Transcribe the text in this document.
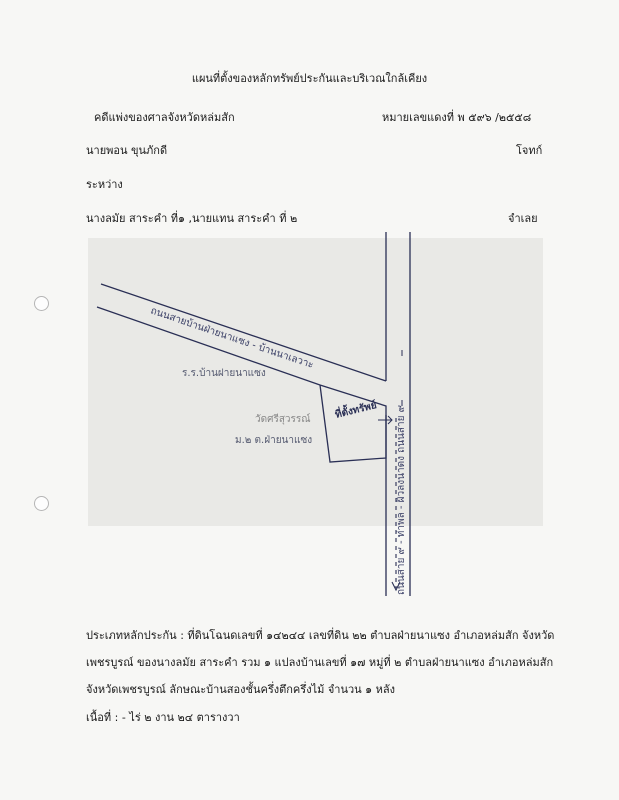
แผนที่ตั้งของหลักทรัพย์ประกันและบริเวณใกล้เคียง
คดีแพ่งของศาลจังหวัดหล่มสัก	หมายเลขแดงที่ พ ๕๙๖ /๒๕๕๘
นายพอน ขุนภักดี	โจทก์
ระหว่าง
นางลมัย สาระคำ ที่๑ ,นายแทน สาระคำ ที่ ๒	จำเลย
ถนนสายบ้านฝ่ายนาแซง - บ้านนาเลวาะ
ถนนสาย ๙ - ท่าพล - ผิวลงนาดง ถนนสาย ๙
ร.ร.บ้านฝายนาแซง
วัดศรีสุวรรณ์
ม.๒ ต.ฝ่ายนาแซง
ที่ตั้งทรัพย์
ประเภทหลักประกัน : ที่ดินโฉนดเลขที่ ๑๔๒๔๔ เลขที่ดิน ๒๒ ตำบลฝ่ายนาแซง อำเภอหล่มสัก จังหวัด
เพชรบูรณ์ ของนางลมัย สาระคำ รวม ๑ แปลงบ้านเลขที่ ๑๗ หมู่ที่ ๒ ตำบลฝ่ายนาแซง อำเภอหล่มสัก
จังหวัดเพชรบูรณ์ ลักษณะบ้านสองชั้นครึ่งตึกครึ่งไม้ จำนวน ๑ หลัง
เนื้อที่ : - ไร่ ๒ งาน ๒๔ ตารางวา
